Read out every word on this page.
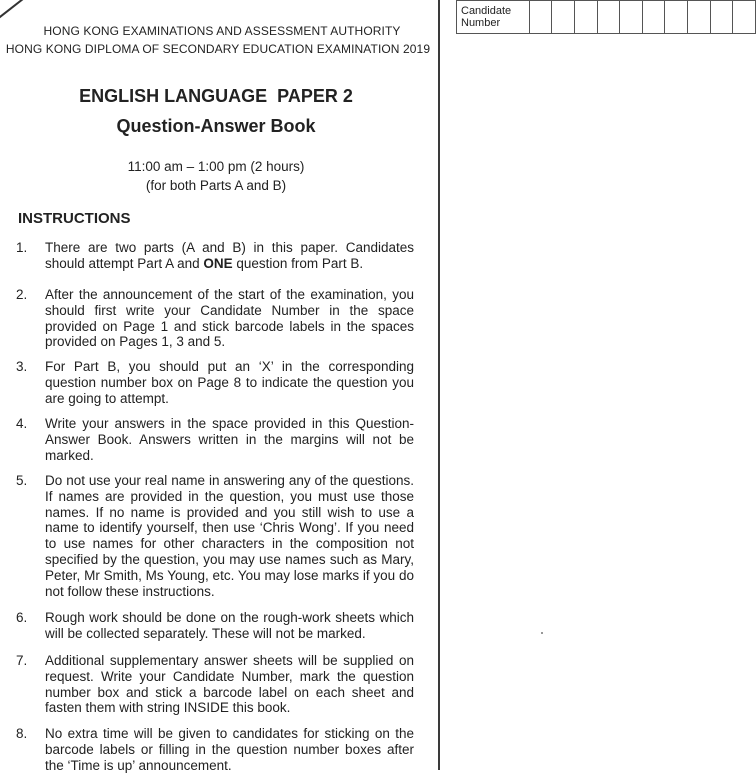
HONG KONG EXAMINATIONS AND ASSESSMENT AUTHORITY
HONG KONG DIPLOMA OF SECONDARY EDUCATION EXAMINATION 2019
ENGLISH LANGUAGE  PAPER 2
Question-Answer Book
11:00 am – 1:00 pm (2 hours)
(for both Parts A and B)
INSTRUCTIONS
1.	There are two parts (A and B) in this paper. Candidates should attempt Part A and ONE question from Part B.
2.	After the announcement of the start of the examination, you should first write your Candidate Number in the space provided on Page 1 and stick barcode labels in the spaces provided on Pages 1, 3 and 5.
3.	For Part B, you should put an ‘X’ in the corresponding question number box on Page 8 to indicate the question you are going to attempt.
4.	Write your answers in the space provided in this Question-Answer Book. Answers written in the margins will not be marked.
5.	Do not use your real name in answering any of the questions. If names are provided in the question, you must use those names. If no name is provided and you still wish to use a name to identify yourself, then use ‘Chris Wong’. If you need to use names for other characters in the composition not specified by the question, you may use names such as Mary, Peter, Mr Smith, Ms Young, etc. You may lose marks if you do not follow these instructions.
6.	Rough work should be done on the rough-work sheets which will be collected separately. These will not be marked.
7.	Additional supplementary answer sheets will be supplied on request. Write your Candidate Number, mark the question number box and stick a barcode label on each sheet and fasten them with string INSIDE this book.
8.	No extra time will be given to candidates for sticking on the barcode labels or filling in the question number boxes after the ‘Time is up’ announcement.
Candidate
Number										
